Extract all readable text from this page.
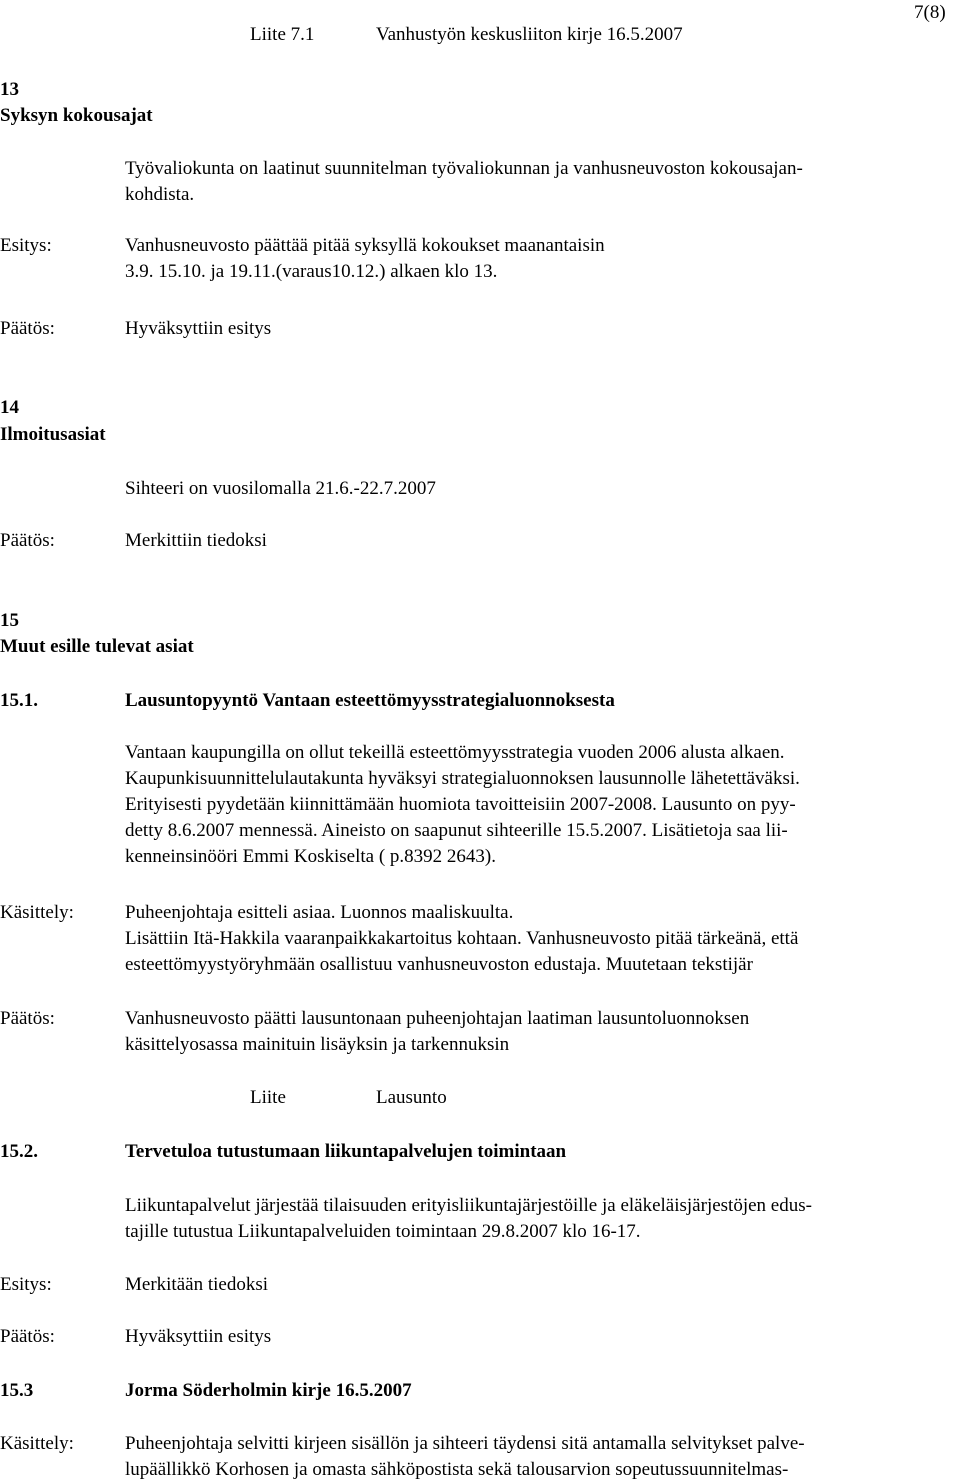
7(8)
Liite 7.1	Vanhustyön keskusliiton kirje 16.5.2007
13
Syksyn kokousajat
Työvaliokunta on laatinut suunnitelman työvaliokunnan ja vanhusneuvoston kokousajan-
kohdista.
Esitys:	Vanhusneuvosto päättää pitää syksyllä kokoukset maanantaisin
3.9. 15.10. ja 19.11.(varaus10.12.) alkaen klo 13.
Päätös:	Hyväksyttiin esitys
14
Ilmoitusasiat
Sihteeri on vuosilomalla 21.6.-22.7.2007
Päätös:	Merkittiin tiedoksi
15
Muut esille tulevat asiat
15.1.	Lausuntopyyntö Vantaan esteettömyysstrategialuonnoksesta
Vantaan kaupungilla on ollut tekeillä esteettömyysstrategia vuoden 2006 alusta alkaen.
Kaupunkisuunnittelulautakunta hyväksyi strategialuonnoksen lausunnolle lähetettäväksi.
Erityisesti pyydetään kiinnittämään huomiota tavoitteisiin 2007-2008. Lausunto on pyy-
detty 8.6.2007 mennessä. Aineisto on saapunut sihteerille 15.5.2007. Lisätietoja saa lii-
kenneinsinööri Emmi Koskiselta ( p.8392 2643).
Käsittely:	Puheenjohtaja esitteli asiaa. Luonnos maaliskuulta.
Lisättiin Itä-Hakkila vaaranpaikkakartoitus kohtaan. Vanhusneuvosto pitää tärkeänä, että
esteettömyystyöryhmään osallistuu vanhusneuvoston edustaja. Muutetaan tekstijär
Päätös:	Vanhusneuvosto päätti lausuntonaan puheenjohtajan laatiman lausuntoluonnoksen
käsittelyosassa mainituin lisäyksin ja tarkennuksin
Liite	Lausunto
15.2.	Tervetuloa tutustumaan liikuntapalvelujen toimintaan
Liikuntapalvelut järjestää tilaisuuden erityisliikuntajärjestöille ja eläkeläisjärjestöjen edus-
tajille tutustua Liikuntapalveluiden toimintaan 29.8.2007 klo 16-17.
Esitys:	Merkitään tiedoksi
Päätös:	Hyväksyttiin esitys
15.3	Jorma Söderholmin kirje 16.5.2007
Käsittely:	Puheenjohtaja selvitti kirjeen sisällön ja sihteeri täydensi sitä antamalla selvitykset palve-
lupäällikkö Korhosen ja omasta sähköpostista sekä talousarvion sopeutussuunnitelmas-
